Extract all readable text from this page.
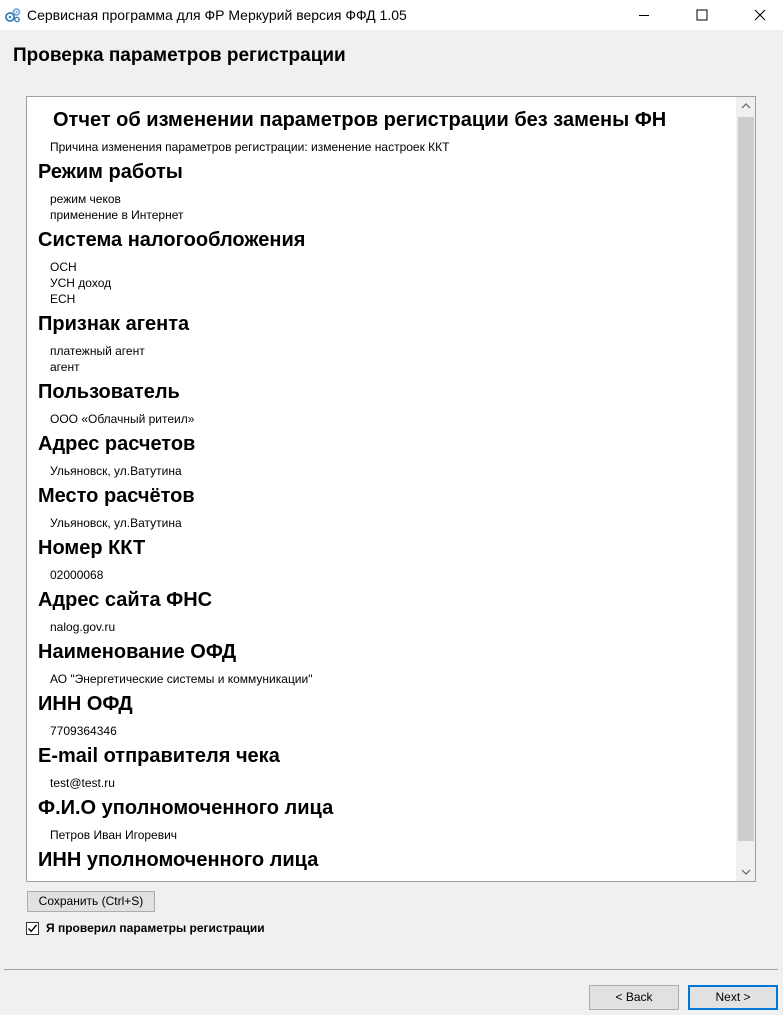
Сервисная программа для ФР Меркурий версия ФФД 1.05
Проверка параметров регистрации
Отчет об изменении параметров регистрации без замены ФН
Причина изменения параметров регистрации: изменение настроек ККТ
Режим работы
режим чеков
применение в Интернет
Система налогообложения
ОСН
УСН доход
ЕСН
Признак агента
платежный агент
агент
Пользователь
ООО «Облачный ритеил»
Адрес расчетов
Ульяновск, ул.Ватутина
Место расчётов
Ульяновск, ул.Ватутина
Номер ККТ
02000068
Адрес сайта ФНС
nalog.gov.ru
Наименование ОФД
АО "Энергетические системы и коммуникации"
ИНН ОФД
7709364346
E-mail отправителя чека
test@test.ru
Ф.И.О уполномоченного лица
Петров Иван Игоревич
ИНН уполномоченного лица
Сохранить (Ctrl+S)
Я проверил параметры регистрации
< Back	Next >
